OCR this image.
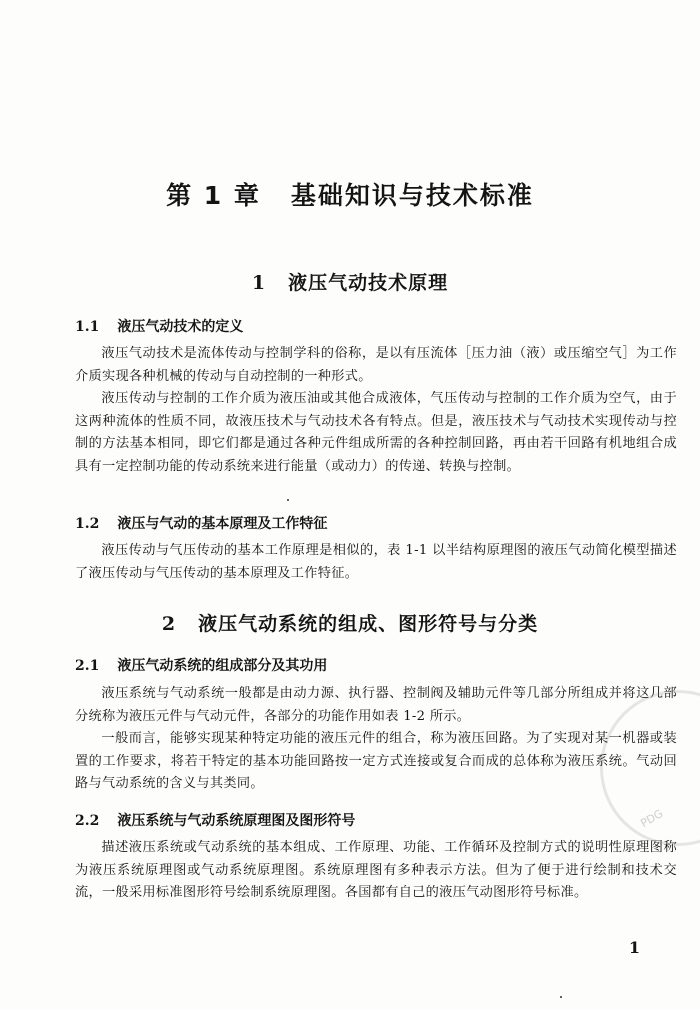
第 1 章 基础知识与技术标准
1 液压气动技术原理
1.1 液压气动技术的定义

液压气动技术是流体传动与控制学科的俗称，是以有压流体［压力油（液）或压缩空气］为工作介质实现各种机械的传动与自动控制的一种形式。

液压传动与控制的工作介质为液压油或其他合成液体，气压传动与控制的工作介质为空气，由于这两种流体的性质不同，故液压技术与气动技术各有特点。但是，液压技术与气动技术实现传动与控制的方法基本相同，即它们都是通过各种元件组成所需的各种控制回路，再由若干回路有机地组合成具有一定控制功能的传动系统来进行能量（或动力）的传递、转换与控制。

1.2 液压与气动的基本原理及工作特征

液压传动与气压传动的基本工作原理是相似的，表 1-1 以半结构原理图的液压气动简化模型描述了液压传动与气压传动的基本原理及工作特征。

2 液压气动系统的组成、图形符号与分类
2.1 液压气动系统的组成部分及其功用

液压系统与气动系统一般都是由动力源、执行器、控制阀及辅助元件等几部分所组成并将这几部分统称为液压元件与气动元件，各部分的功能作用如表 1-2 所示。

一般而言，能够实现某种特定功能的液压元件的组合，称为液压回路。为了实现对某一机器或装置的工作要求，将若干特定的基本功能回路按一定方式连接或复合而成的总体称为液压系统。气动回路与气动系统的含义与其类同。

2.2 液压系统与气动系统原理图及图形符号

描述液压系统或气动系统的基本组成、工作原理、功能、工作循环及控制方式的说明性原理图称为液压系统原理图或气动系统原理图。系统原理图有多种表示方法。但为了便于进行绘制和技术交流，一般采用标准图形符号绘制系统原理图。各国都有自己的液压气动图形符号标准。

1
PDG
